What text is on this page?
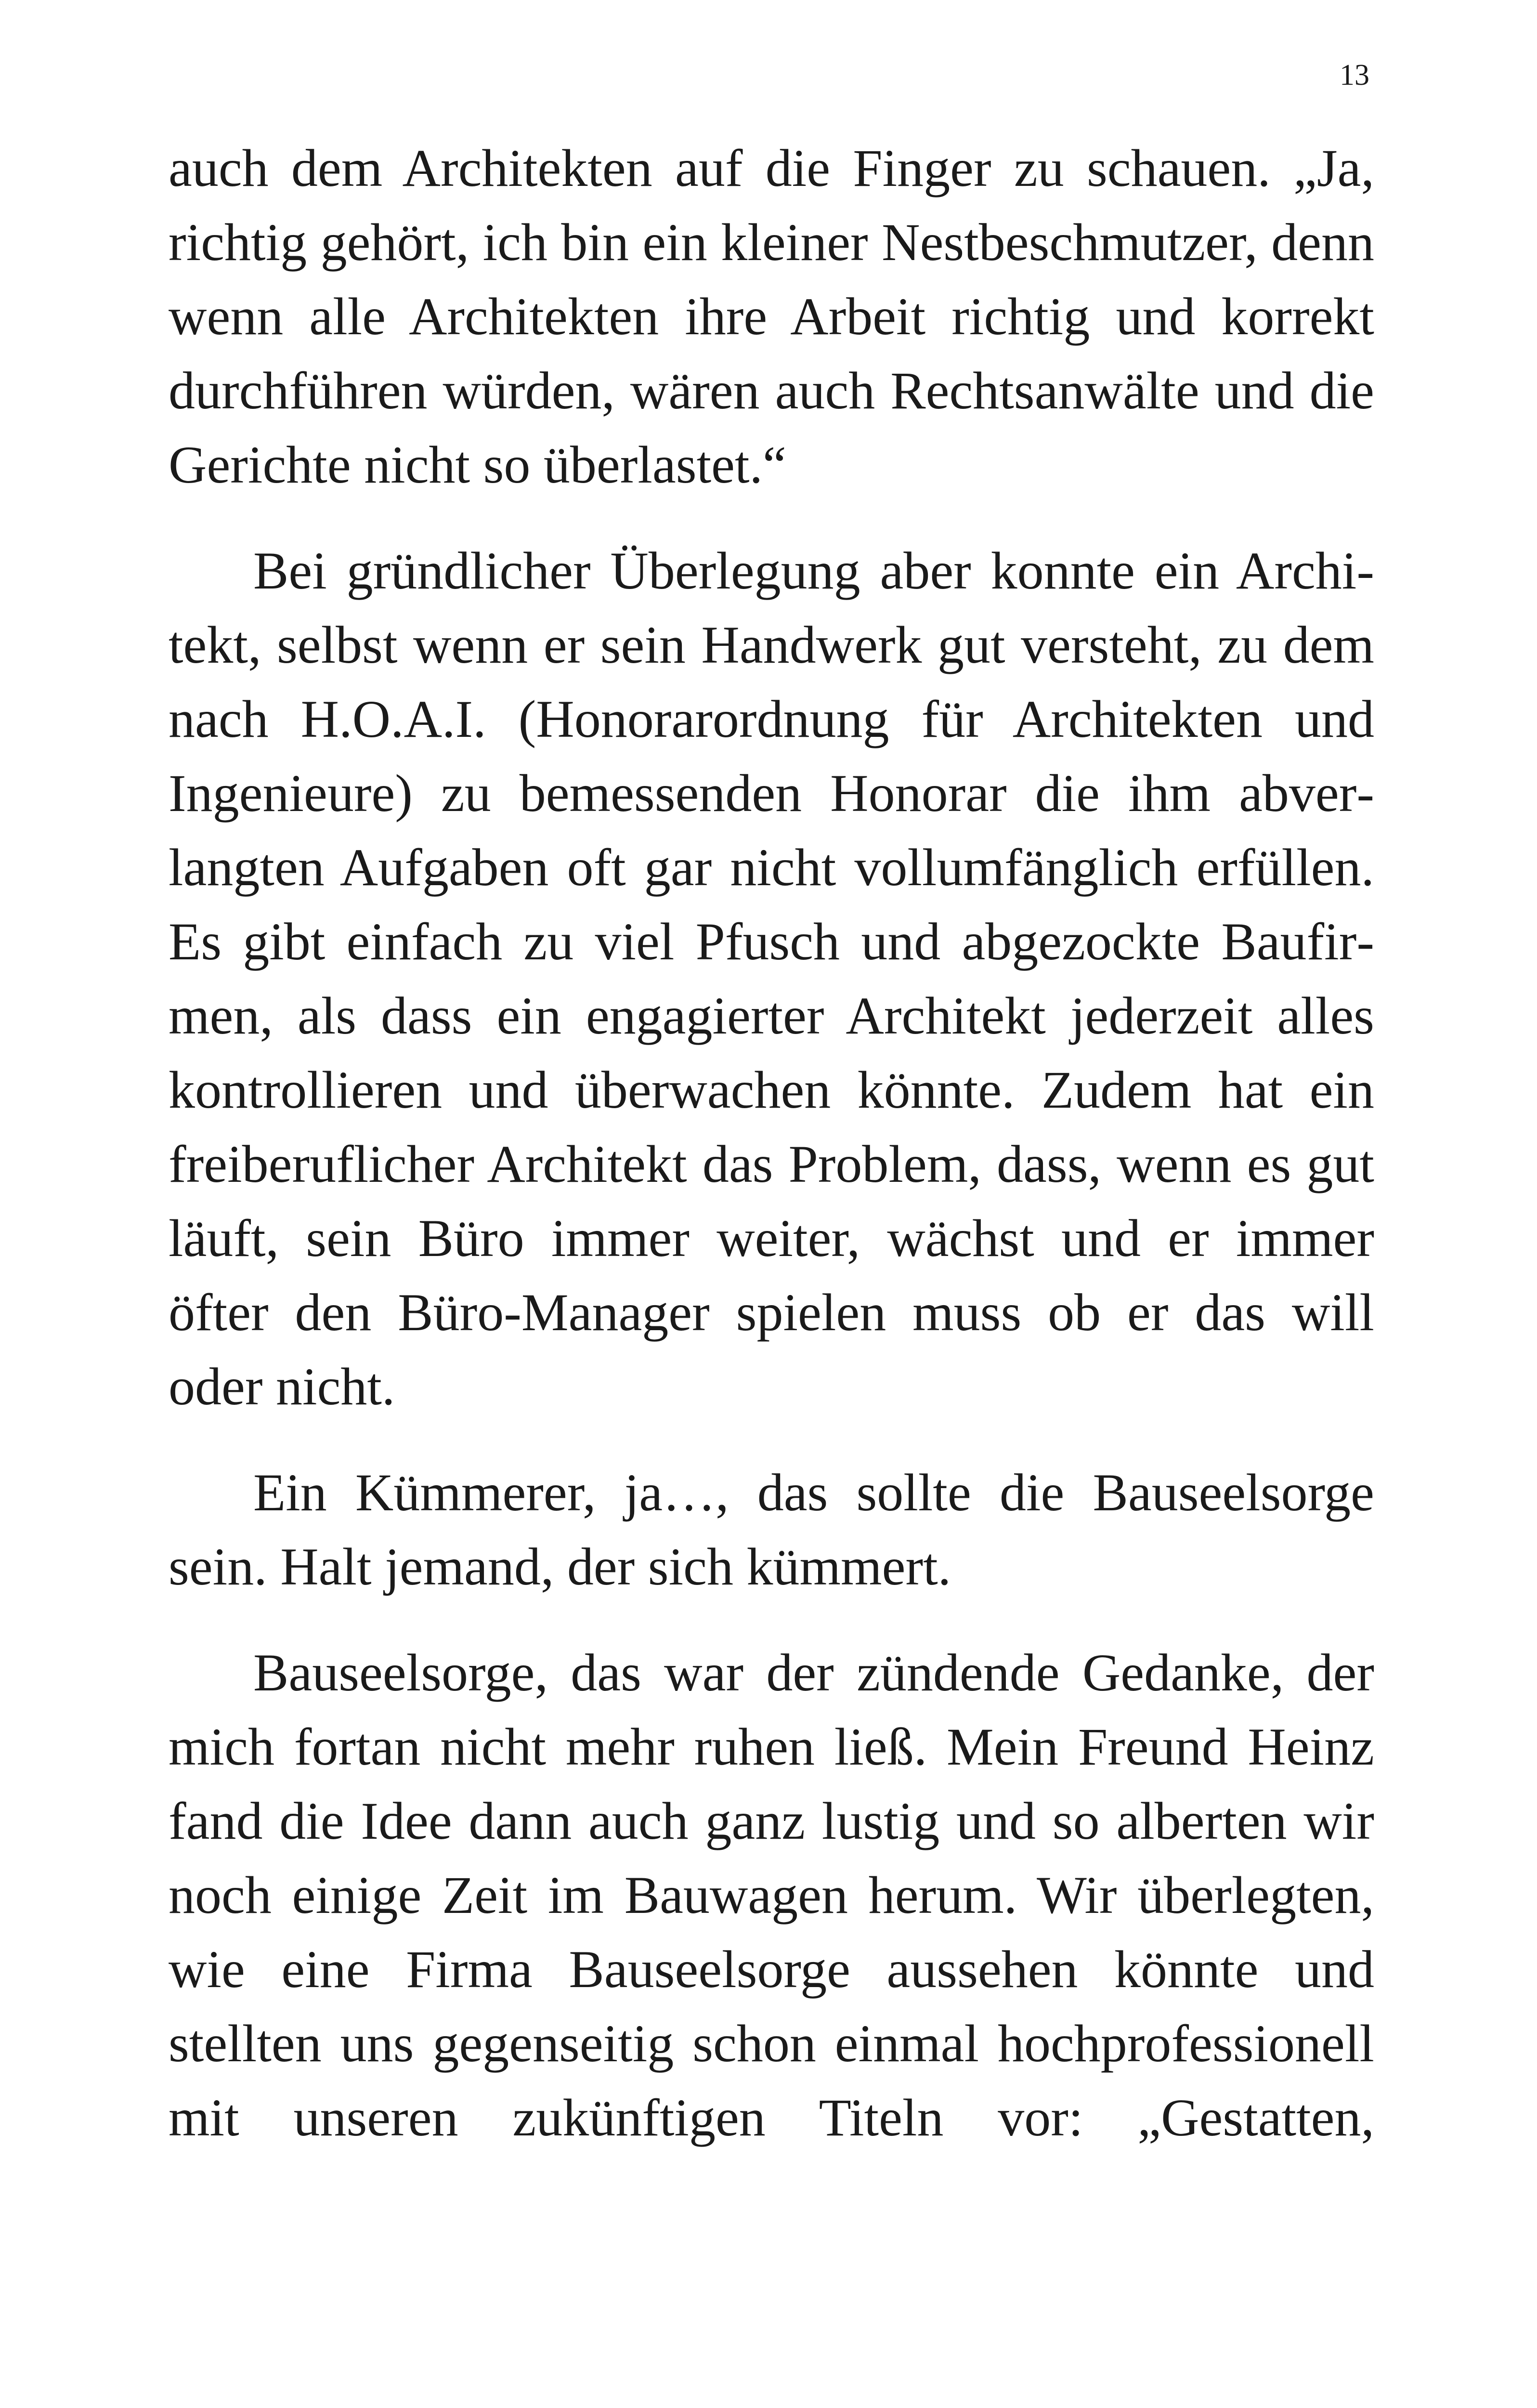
13

auch dem Architekten auf die Finger zu schauen. „Ja, richtig gehört, ich bin ein kleiner Nestbeschmutzer, denn wenn alle Architekten ihre Arbeit richtig und korrekt durchführen würden, wären auch Rechtsanwälte und die Gerichte nicht so überlastet.“

Bei gründlicher Überlegung aber konnte ein Architekt, selbst wenn er sein Handwerk gut versteht, zu dem nach H.O.A.I. (Honorarordnung für Architekten und Ingenieure) zu bemessenden Honorar die ihm abverlangten Aufgaben oft gar nicht vollumfänglich erfüllen. Es gibt einfach zu viel Pfusch und abgezockte Baufirmen, als dass ein engagierter Architekt jederzeit alles kontrollieren und überwachen könnte. Zudem hat ein freiberuflicher Architekt das Problem, dass, wenn es gut läuft, sein Büro immer weiter, wächst und er immer öfter den Büro-Manager spielen muss ob er das will oder nicht.

Ein Kümmerer, ja…, das sollte die Bauseelsorge sein. Halt jemand, der sich kümmert.

Bauseelsorge, das war der zündende Gedanke, der mich fortan nicht mehr ruhen ließ. Mein Freund Heinz fand die Idee dann auch ganz lustig und so alberten wir noch einige Zeit im Bauwagen herum. Wir überlegten, wie eine Firma Bauseelsorge aussehen könnte und stellten uns gegenseitig schon einmal hochprofessionell mit unseren zukünftigen Titeln vor: „Gestatten,
